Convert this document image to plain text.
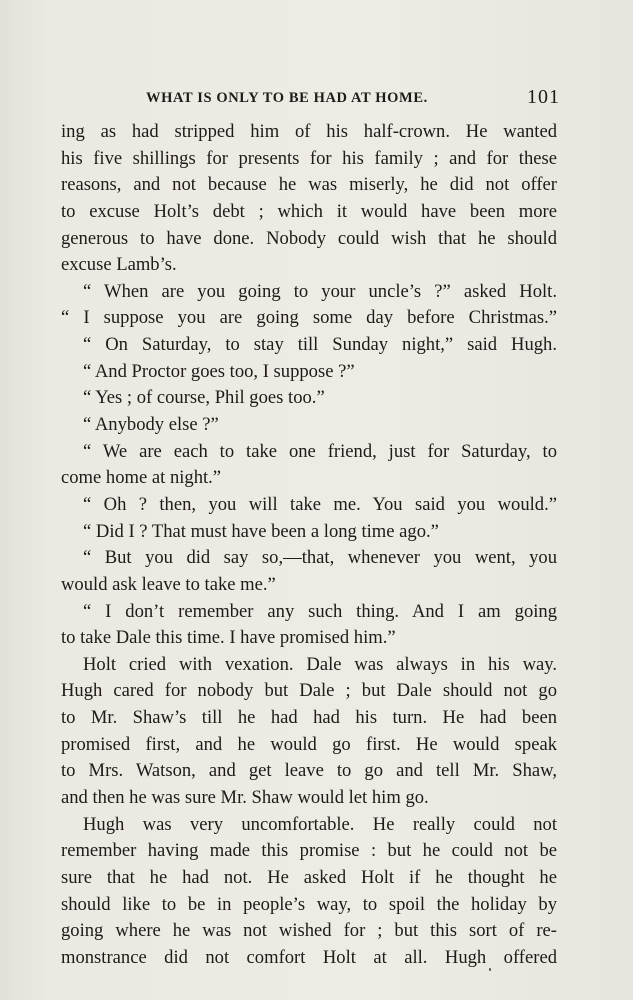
WHAT IS ONLY TO BE HAD AT HOME.	101
ing as had stripped him of his half-crown. He wanted
his five shillings for presents for his family ; and for these
reasons, and not because he was miserly, he did not offer
to excuse Holt’s debt ; which it would have been more
generous to have done. Nobody could wish that he should
excuse Lamb’s.
“ When are you going to your uncle’s ?” asked Holt.
“ I suppose you are going some day before Christmas.”
“ On Saturday, to stay till Sunday night,” said Hugh.
“ And Proctor goes too, I suppose ?”
“ Yes ; of course, Phil goes too.”
“ Anybody else ?”
“ We are each to take one friend, just for Saturday, to
come home at night.”
“ Oh ? then, you will take me. You said you would.”
“ Did I ? That must have been a long time ago.”
“ But you did say so,—that, whenever you went, you
would ask leave to take me.”
“ I don’t remember any such thing. And I am going
to take Dale this time. I have promised him.”
Holt cried with vexation. Dale was always in his way.
Hugh cared for nobody but Dale ; but Dale should not go
to Mr. Shaw’s till he had had his turn. He had been
promised first, and he would go first. He would speak
to Mrs. Watson, and get leave to go and tell Mr. Shaw,
and then he was sure Mr. Shaw would let him go.
Hugh was very uncomfortable. He really could not
remember having made this promise : but he could not be
sure that he had not. He asked Holt if he thought he
should like to be in people’s way, to spoil the holiday by
going where he was not wished for ; but this sort of re-
monstrance did not comfort Holt at all. Hugh offered
